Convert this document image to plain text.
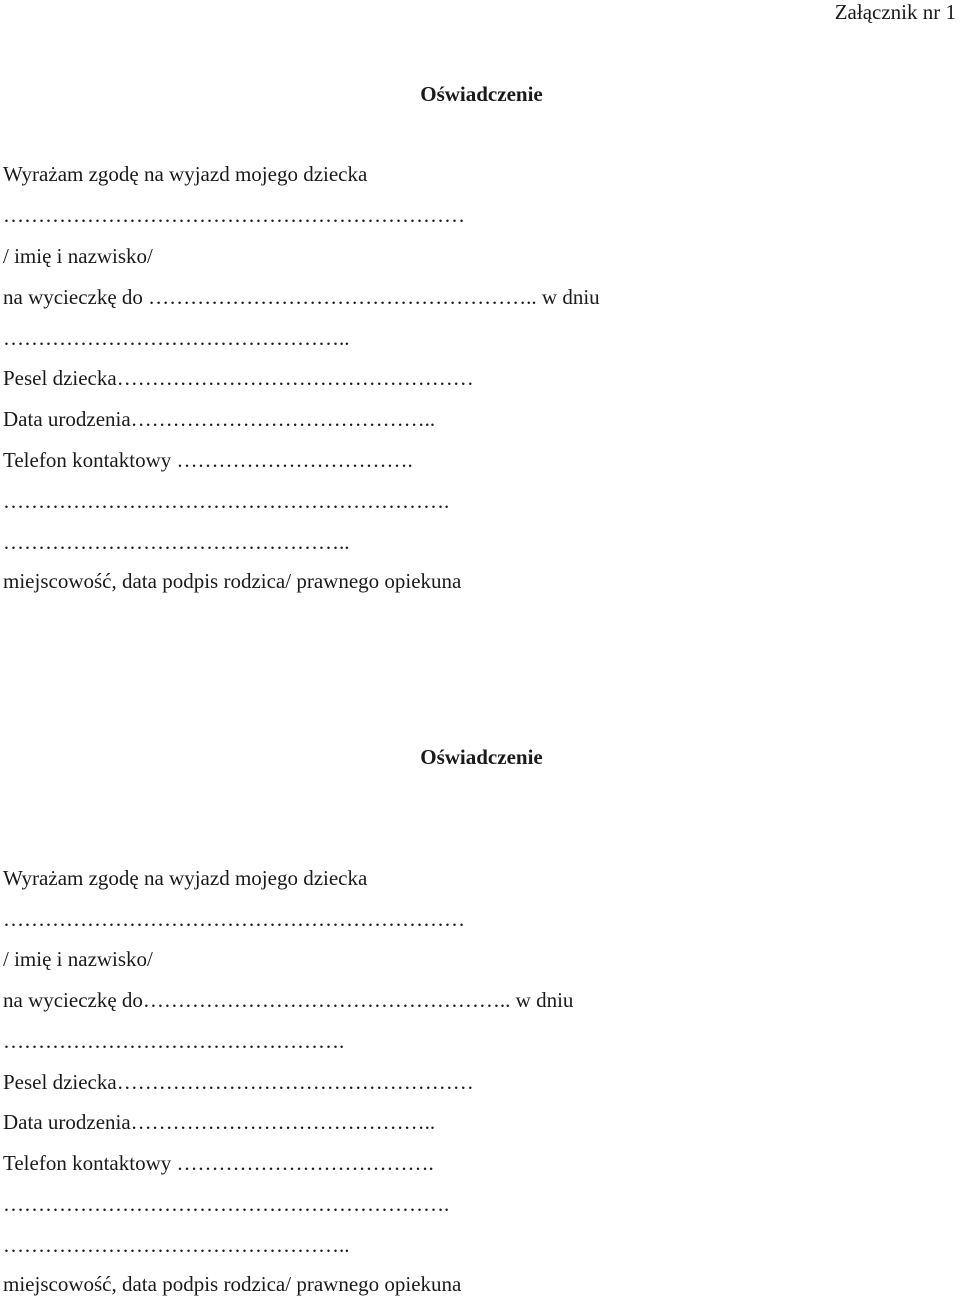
Załącznik nr 1
Oświadczenie
Wyrażam zgodę na wyjazd mojego dziecka
…………………………………………………………
/ imię i nazwisko/
na wycieczkę do ……………………………………………….. w dniu
…………………………………………..
Pesel dziecka……………………………………………
Data urodzenia……………………………………..
Telefon kontaktowy …………………………….
……………………………………………………….
…………………………………………..
miejscowość, data podpis rodzica/ prawnego opiekuna
Oświadczenie
Wyrażam zgodę na wyjazd mojego dziecka
…………………………………………………………
/ imię i nazwisko/
na wycieczkę do…………………………………………….. w dniu
………………………………………….
Pesel dziecka……………………………………………
Data urodzenia……………………………………..
Telefon kontaktowy ……………………………….
……………………………………………………….
…………………………………………..
miejscowość, data podpis rodzica/ prawnego opiekuna
